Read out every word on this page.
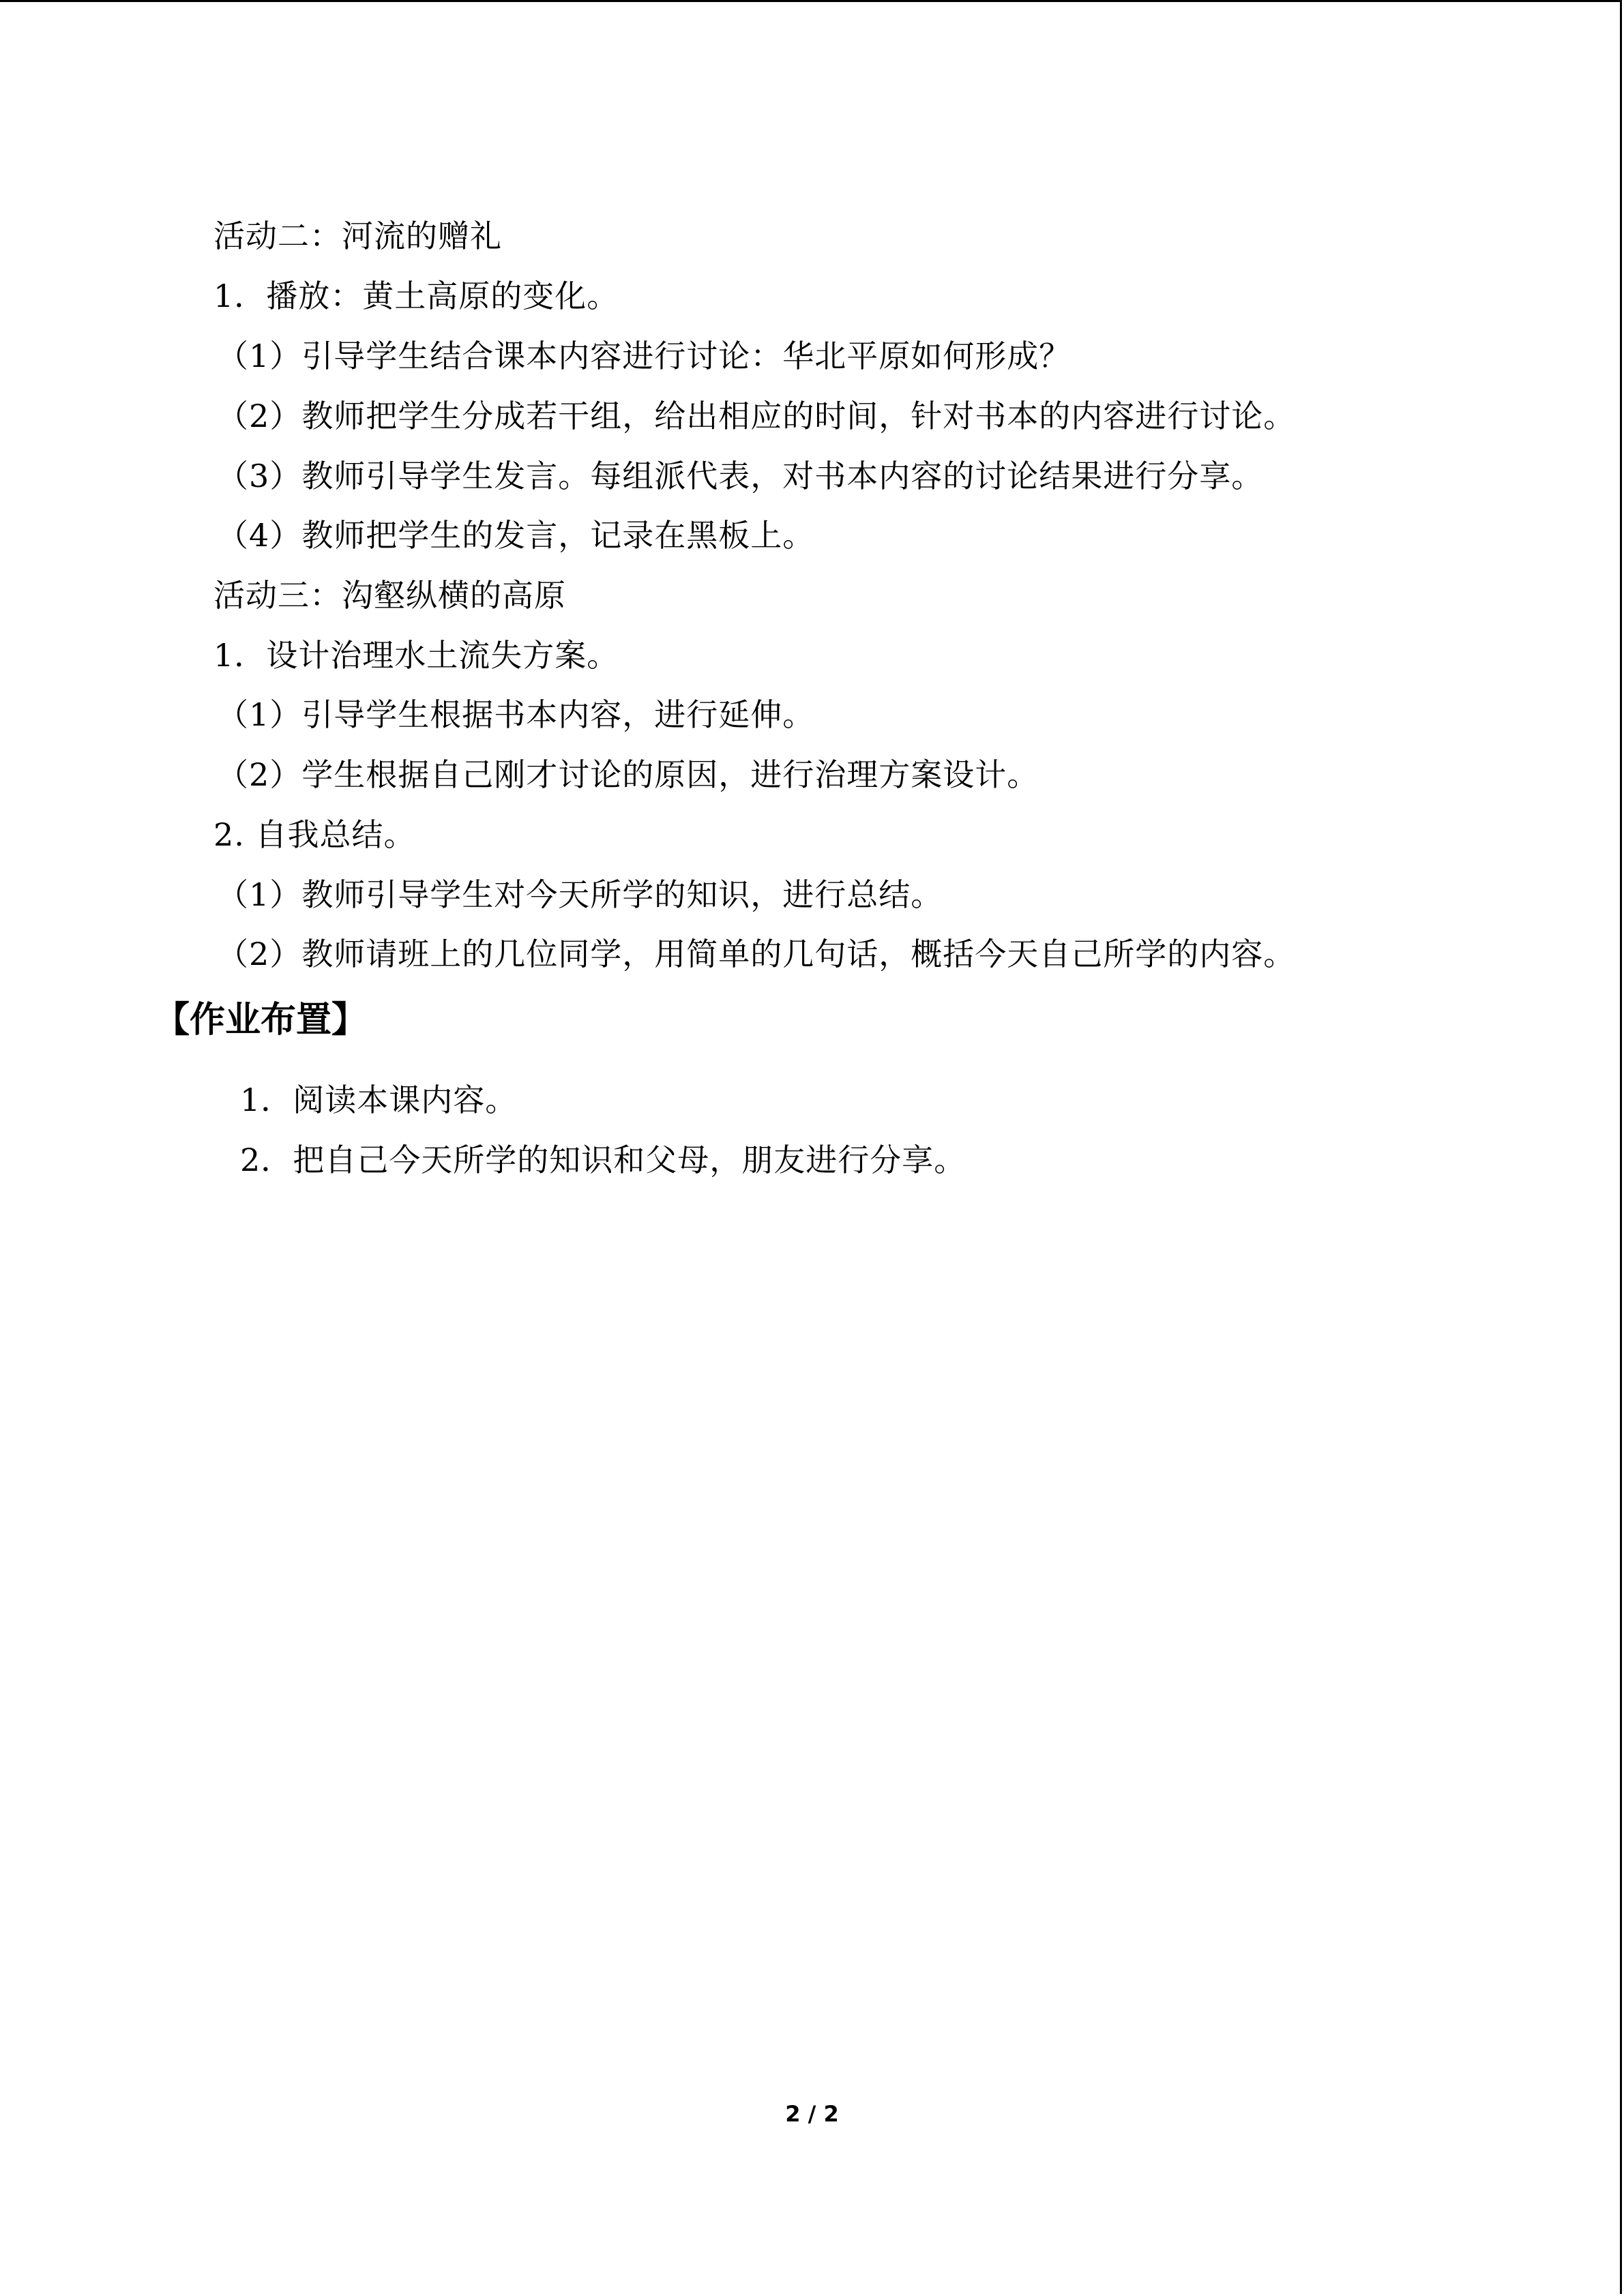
活动二：河流的赠礼
1．播放：黄土高原的变化。
（1）引导学生结合课本内容进行讨论：华北平原如何形成？
（2）教师把学生分成若干组，给出相应的时间，针对书本的内容进行讨论。
（3）教师引导学生发言。每组派代表，对书本内容的讨论结果进行分享。
（4）教师把学生的发言，记录在黑板上。
活动三：沟壑纵横的高原
1．设计治理水土流失方案。
（1）引导学生根据书本内容，进行延伸。
（2）学生根据自己刚才讨论的原因，进行治理方案设计。
2. 自我总结。
（1）教师引导学生对今天所学的知识，进行总结。
（2）教师请班上的几位同学，用简单的几句话，概括今天自己所学的内容。
【作业布置】
1．阅读本课内容。
2．把自己今天所学的知识和父母，朋友进行分享。
2 / 2
